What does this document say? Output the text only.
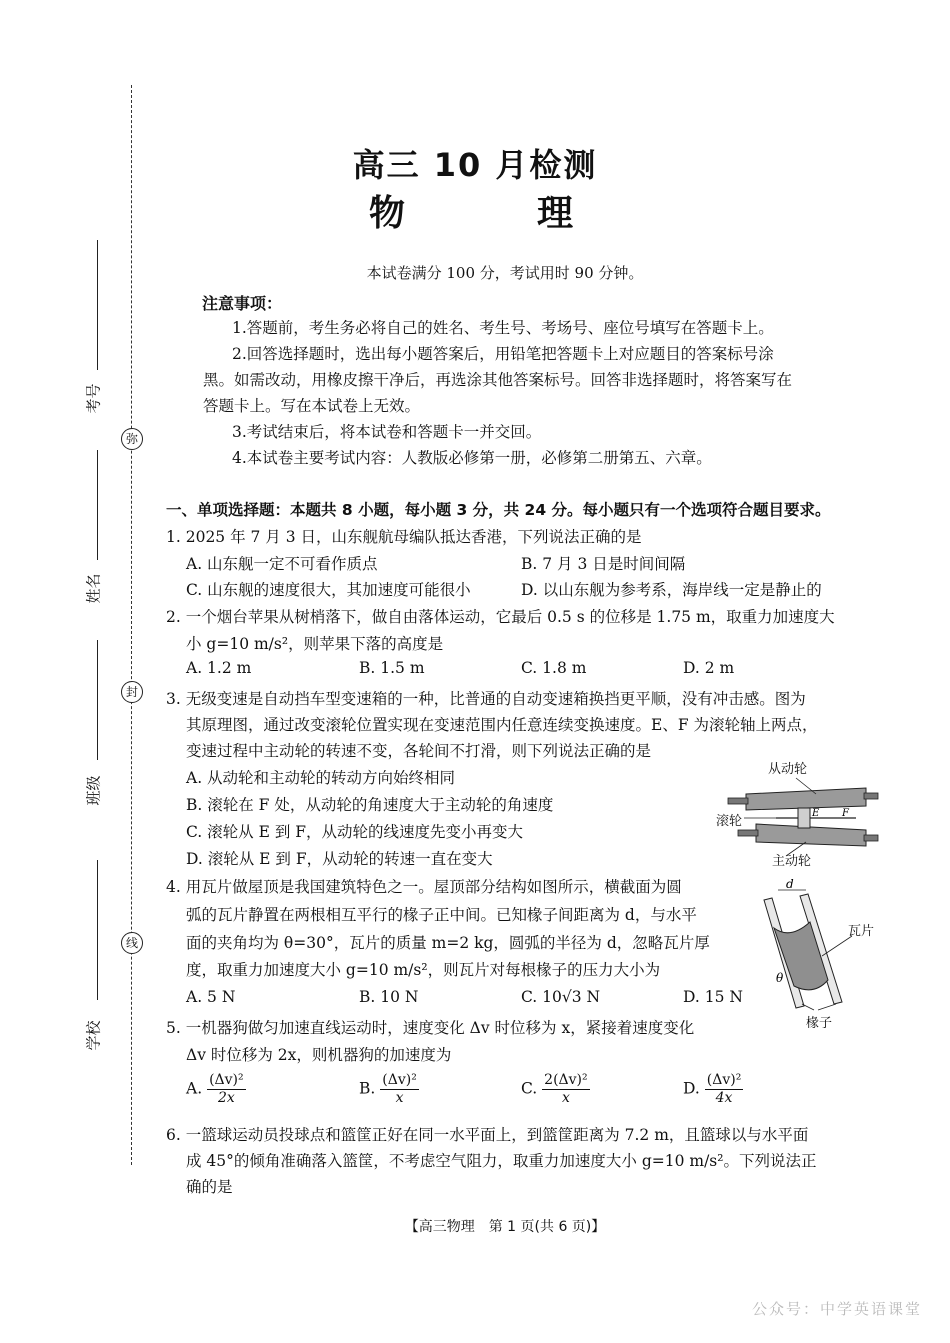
弥
封
线
考号
姓名
班级
学校
高三 10 月检测
物　理
本试卷满分 100 分，考试用时 90 分钟。
注意事项：
1.答题前，考生务必将自己的姓名、考生号、考场号、座位号填写在答题卡上。
2.回答选择题时，选出每小题答案后，用铅笔把答题卡上对应题目的答案标号涂
黑。如需改动，用橡皮擦干净后，再选涂其他答案标号。回答非选择题时，将答案写在
答题卡上。写在本试卷上无效。
3.考试结束后，将本试卷和答题卡一并交回。
4.本试卷主要考试内容：人教版必修第一册，必修第二册第五、六章。
一、单项选择题：本题共 8 小题，每小题 3 分，共 24 分。每小题只有一个选项符合题目要求。
1. 2025 年 7 月 3 日，山东舰航母编队抵达香港，下列说法正确的是
A. 山东舰一定不可看作质点	B. 7 月 3 日是时间间隔
C. 山东舰的速度很大，其加速度可能很小	D. 以山东舰为参考系，海岸线一定是静止的
2. 一个烟台苹果从树梢落下，做自由落体运动，它最后 0.5 s 的位移是 1.75 m，取重力加速度大
小 g=10 m/s²，则苹果下落的高度是
A. 1.2 m	B. 1.5 m	C. 1.8 m	D. 2 m
3. 无级变速是自动挡车型变速箱的一种，比普通的自动变速箱换挡更平顺，没有冲击感。图为
其原理图，通过改变滚轮位置实现在变速范围内任意连续变换速度。E、F 为滚轮轴上两点，
变速过程中主动轮的转速不变，各轮间不打滑，则下列说法正确的是
A. 从动轮和主动轮的转动方向始终相同
B. 滚轮在 F 处，从动轮的角速度大于主动轮的角速度
C. 滚轮从 E 到 F，从动轮的线速度先变小再变大
D. 滚轮从 E 到 F，从动轮的转速一直在变大
E F
从动轮
滚轮
主动轮
4. 用瓦片做屋顶是我国建筑特色之一。屋顶部分结构如图所示，横截面为圆
弧的瓦片静置在两根相互平行的椽子正中间。已知椽子间距离为 d，与水平
面的夹角均为 θ=30°，瓦片的质量 m=2 kg，圆弧的半径为 d，忽略瓦片厚
度，取重力加速度大小 g=10 m/s²，则瓦片对每根椽子的压力大小为
A. 5 N	B. 10 N	C. 10√3 N	D. 15 N
d
θ
瓦片
椽子
5. 一机器狗做匀加速直线运动时，速度变化 Δv 时位移为 x，紧接着速度变化
Δv 时位移为 2x，则机器狗的加速度为
A. $\frac{\text{(Δv)²}}{2x}$	B. $\frac{\text{(Δv)²}}{x}$	C. $\frac{\text{2(Δv)²}}{x}$	D. $\frac{\text{(Δv)²}}{4x}$
6. 一篮球运动员投球点和篮筐正好在同一水平面上，到篮筐距离为 7.2 m，且篮球以与水平面
成 45°的倾角准确落入篮筐，不考虑空气阻力，取重力加速度大小 g=10 m/s²。下列说法正
确的是
【高三物理　第 1 页(共 6 页)】
公众号：中学英语课堂
